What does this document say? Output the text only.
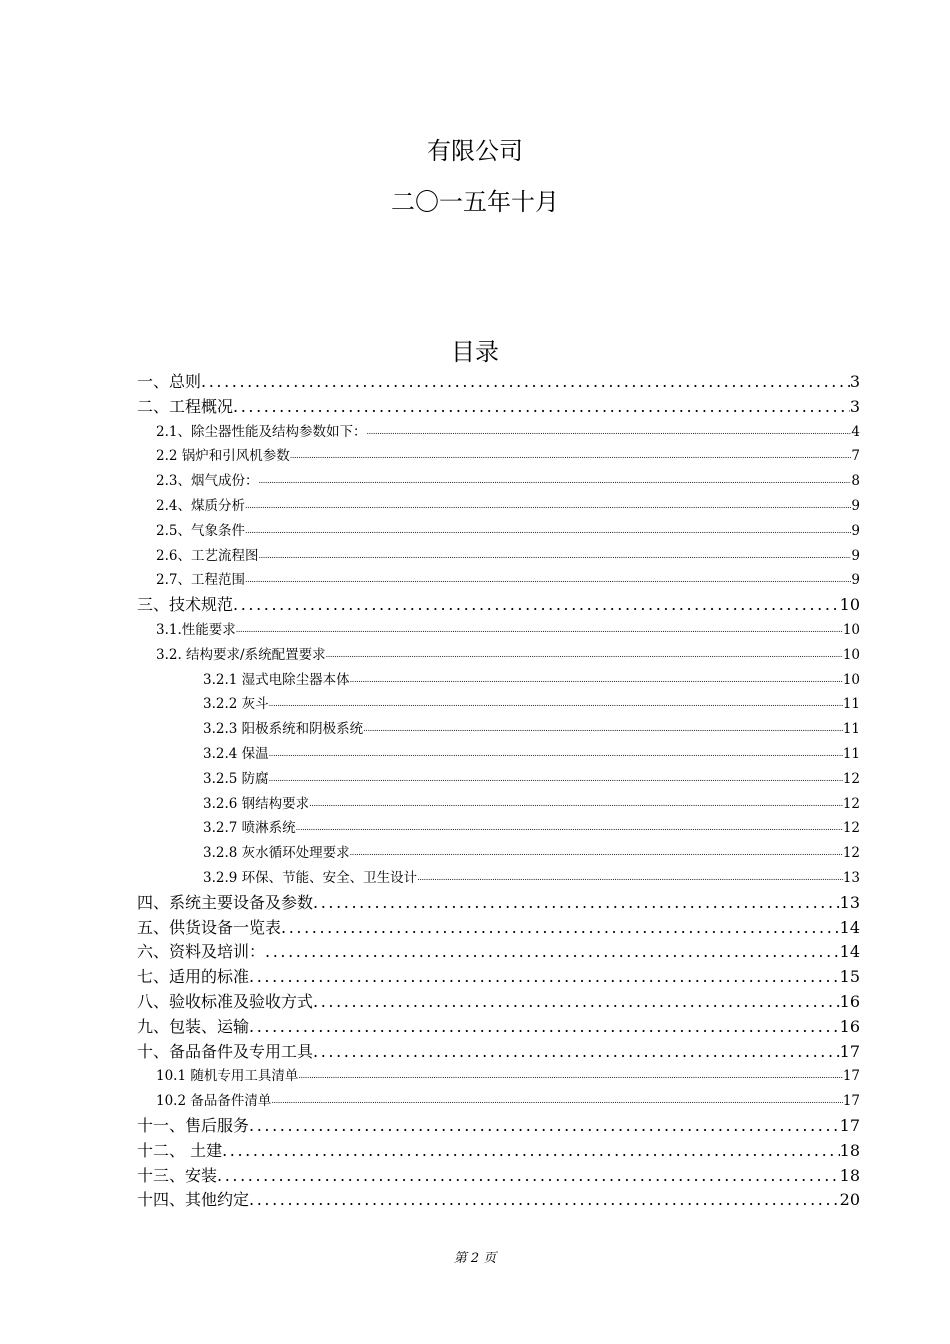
有限公司
二〇一五年十月
目录
一、总则 .....	3
二、工程概况 .....	3
2.1、除尘器性能及结构参数如下： .....	4
2.2 锅炉和引风机参数 .....	7
2.3、烟气成份： .....	8
2.4、煤质分析 .....	9
2.5、气象条件 .....	9
2.6、工艺流程图 .....	9
2.7、工程范围 .....	9
三、技术规范 .....	10
3.1.性能要求 .....	10
3.2. 结构要求/系统配置要求 .....	10
3.2.1 湿式电除尘器本体 .....	10
3.2.2 灰斗 .....	11
3.2.3 阳极系统和阴极系统 .....	11
3.2.4 保温 .....	11
3.2.5 防腐 .....	12
3.2.6 钢结构要求 .....	12
3.2.7 喷淋系统 .....	12
3.2.8 灰水循环处理要求 .....	12
3.2.9 环保、节能、安全、卫生设计 .....	13
四、系统主要设备及参数 .....	13
五、供货设备一览表 .....	14
六、资料及培训： .....	14
七、适用的标准 .....	15
八、验收标准及验收方式 .....	16
九、包装、运输 .....	16
十、备品备件及专用工具 .....	17
10.1 随机专用工具清单 .....	17
10.2 备品备件清单 .....	17
十一、售后服务 .....	17
十二、 土建 .....	18
十三、安装 .....	18
十四、其他约定 .....	20
第 2 页
